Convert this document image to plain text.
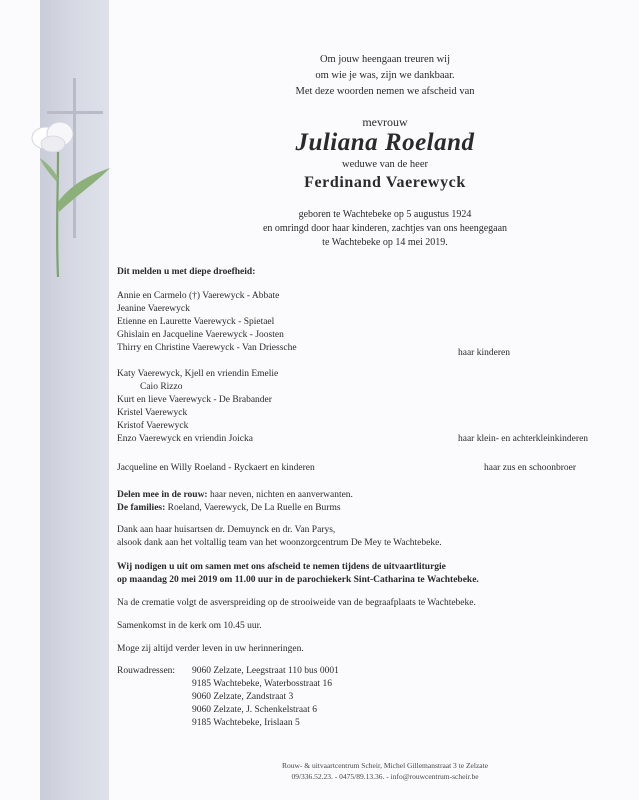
Om jouw heengaan treuren wij
om wie je was, zijn we dankbaar.
Met deze woorden nemen we afscheid van
mevrouw
Juliana Roeland
weduwe van de heer
Ferdinand Vaerewyck
geboren te Wachtebeke op 5 augustus 1924
en omringd door haar kinderen, zachtjes van ons heengegaan
te Wachtebeke op 14 mei 2019.
Dit melden u met diepe droefheid:
Annie en Carmelo (†) Vaerewyck - Abbate
Jeanine Vaerewyck
Etienne en Laurette Vaerewyck - Spietael
Ghislain en Jacqueline Vaerewyck - Joosten
Thirry en Christine Vaerewyck - Van Driessche	haar kinderen
Katy Vaerewyck, Kjell en vriendin Emelie
Caio Rizzo
Kurt en lieve Vaerewyck - De Brabander
Kristel Vaerewyck
Kristof Vaerewyck
Enzo Vaerewyck en vriendin Joicka	haar klein- en achterkleinkinderen
Jacqueline en Willy Roeland - Ryckaert en kinderen	haar zus en schoonbroer
Delen mee in de rouw: haar neven, nichten en aanverwanten.
De families: Roeland, Vaerewyck, De La Ruelle en Burms
Dank aan haar huisartsen dr. Demuynck en dr. Van Parys,
alsook dank aan het voltallig team van het woonzorgcentrum De Mey te Wachtebeke.
Wij nodigen u uit om samen met ons afscheid te nemen tijdens de uitvaartliturgie
op maandag 20 mei 2019 om 11.00 uur in de parochiekerk Sint-Catharina te Wachtebeke.
Na de crematie volgt de asverspreiding op de strooiweide van de begraafplaats te Wachtebeke.
Samenkomst in de kerk om 10.45 uur.
Moge zij altijd verder leven in uw herinneringen.
Rouwadressen: 9060 Zelzate, Leegstraat 110 bus 0001
9185 Wachtebeke, Waterbosstraat 16
9060 Zelzate, Zandstraat 3
9060 Zelzate, J. Schenkelstraat 6
9185 Wachtebeke, Irislaan 5
Rouw- & uitvaartcentrum Scheir, Michel Gillemanstraat 3 te Zelzate
09/336.52.23. - 0475/89.13.36. - info@rouwcentrum-scheir.be
